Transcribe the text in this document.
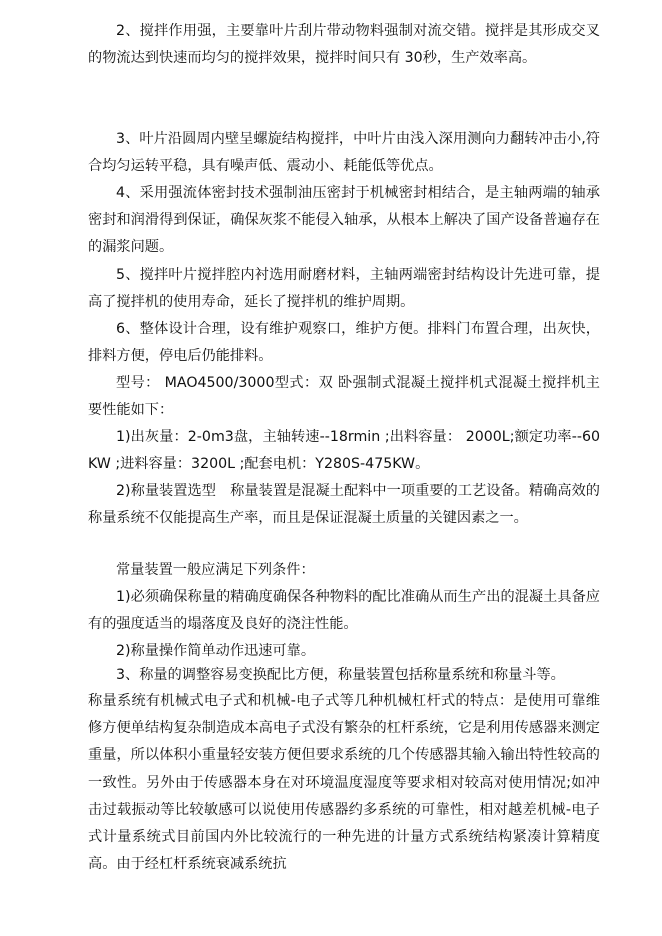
2、搅拌作用强，主要靠叶片刮片带动物料强制对流交错。搅拌是其形成交叉的物流达到快速而均匀的搅拌效果，搅拌时间只有 30秒，生产效率高。
3、叶片沿圆周内壁呈螺旋结构搅拌，中叶片由浅入深用测向力翻转冲击小,符合均匀运转平稳，具有噪声低、震动小、耗能低等优点。
4、采用强流体密封技术强制油压密封于机械密封相结合，是主轴两端的轴承密封和润滑得到保证，确保灰浆不能侵入轴承，从根本上解决了国产设备普遍存在的漏浆问题。
5、搅拌叶片搅拌腔内衬选用耐磨材料，主轴两端密封结构设计先进可靠，提高了搅拌机的使用寿命，延长了搅拌机的维护周期。
6、整体设计合理，设有维护观察口，维护方便。排料门布置合理，出灰快，排料方便，停电后仍能排料。
型号： MAO4500/3000型式：双 卧强制式混凝土搅拌机式混凝土搅拌机主要性能如下：
1)出灰量：2-0m3盘，主轴转速--18rmin ;出料容量： 2000L;额定功率--60KW ;进料容量：3200L ;配套电机：Y280S-475KW。
2)称量装置选型　称量装置是混凝土配料中一项重要的工艺设备。精确高效的称量系统不仅能提高生产率，而且是保证混凝土质量的关键因素之一。
常量装置一般应满足下列条件：
1)必须确保称量的精确度确保各种物料的配比准确从而生产出的混凝土具备应有的强度适当的塌落度及良好的浇注性能。
2)称量操作简单动作迅速可靠。
3、称量的调整容易变换配比方便，称量装置包括称量系统和称量斗等。
称量系统有机械式电子式和机械-电子式等几种机械杠杆式的特点：是使用可靠维修方便单结构复杂制造成本高电子式没有繁杂的杠杆系统，它是利用传感器来测定重量，所以体积小重量轻安装方便但要求系统的几个传感器其输入输出特性较高的一致性。另外由于传感器本身在对环境温度湿度等要求相对较高对使用情况;如冲击过载振动等比较敏感可以说使用传感器约多系统的可靠性，相对越差机械-电子式计量系统式目前国内外比较流行的一种先进的计量方式系统结构紧凑计算精度高。由于经杠杆系统衰减系统抗
